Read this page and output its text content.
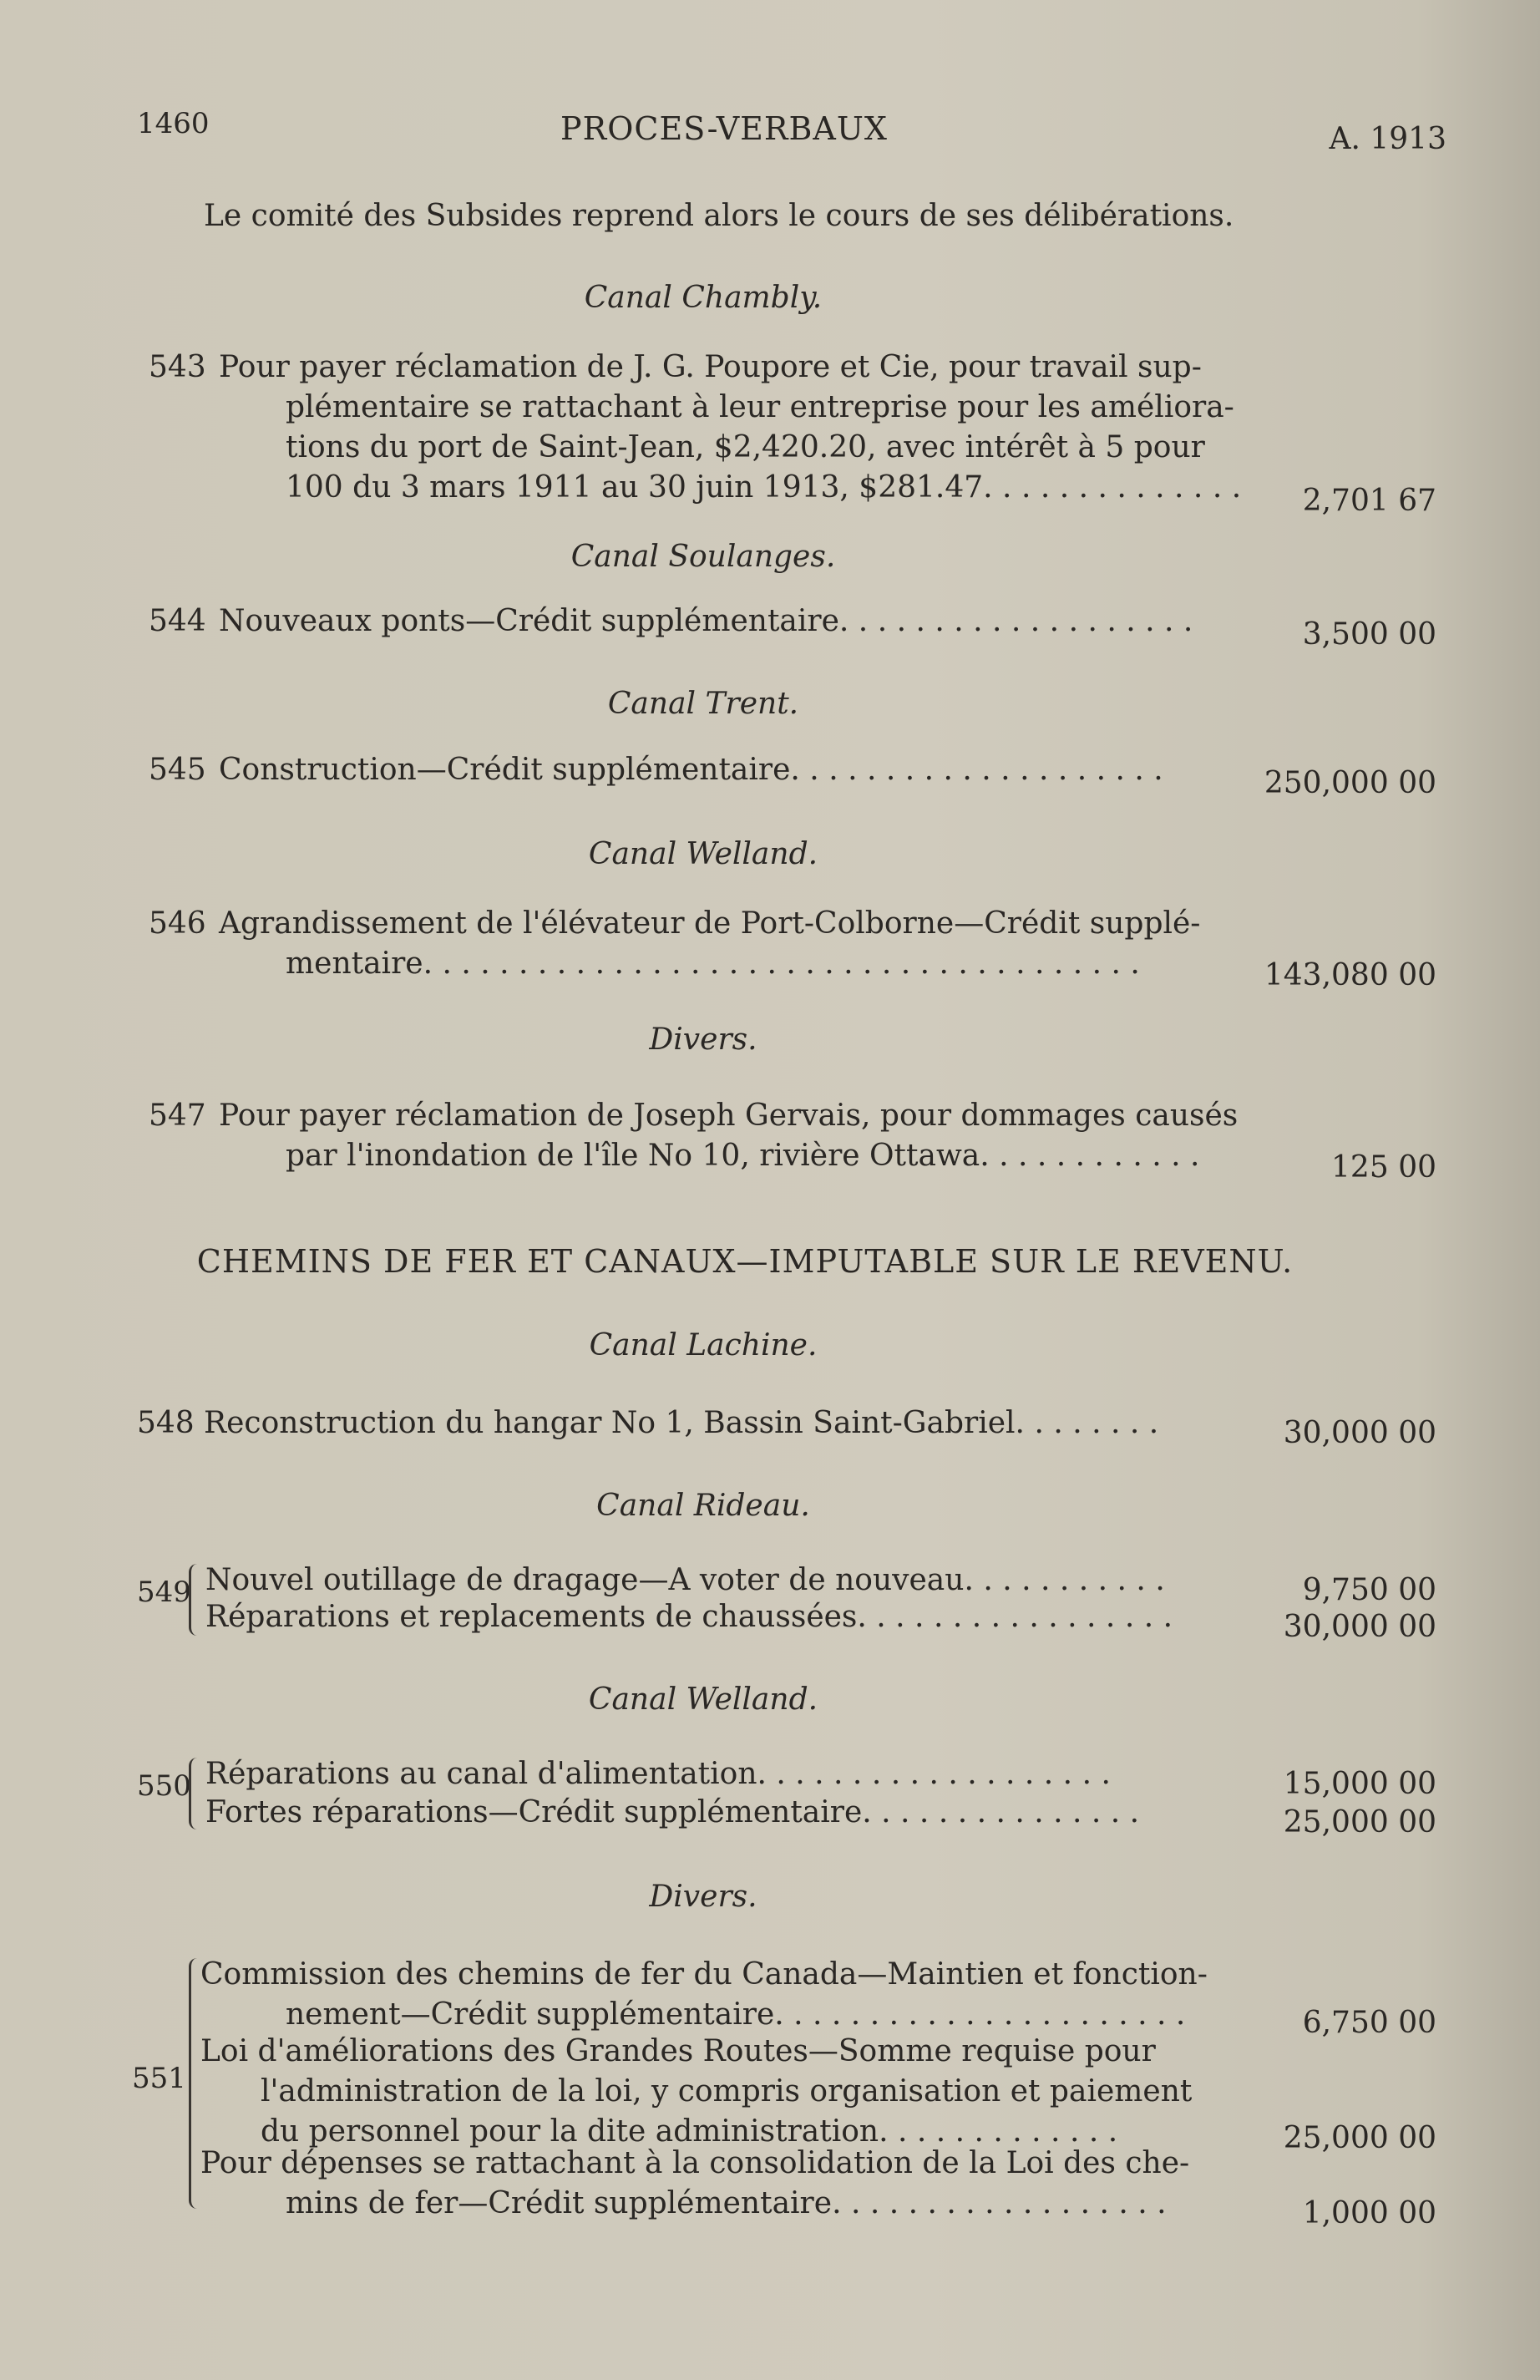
1460	PROCES-VERBAUX	A. 1913
Le comité des Subsides reprend alors le cours de ses délibérations.
Canal Chambly.
543 Pour payer réclamation de J. G. Poupore et Cie, pour travail sup-
plémentaire se rattachant à leur entreprise pour les améliora-
tions du port de Saint-Jean, $2,420.20, avec intérêt à 5 pour
100 du 3 mars 1911 au 30 juin 1913, $281.47. . . . . . . . . . . . . .	2,701 67
Canal Soulanges.
544 Nouveaux ponts—Crédit supplémentaire. . . . . . . . . . . . . . . . . . .	3,500 00
Canal Trent.
545 Construction—Crédit supplémentaire. . . . . . . . . . . . . . . . . . . .	250,000 00
Canal Welland.
546 Agrandissement de l'élévateur de Port-Colborne—Crédit supplé-
mentaire. . . . . . . . . . . . . . . . . . . . . . . . . . . . . . . . . . . . . .	143,080 00
Divers.
547 Pour payer réclamation de Joseph Gervais, pour dommages causés
par l'inondation de l'île No 10, rivière Ottawa. . . . . . . . . . . .	125 00
CHEMINS DE FER ET CANAUX—IMPUTABLE SUR LE REVENU.
Canal Lachine.
548 Reconstruction du hangar No 1, Bassin Saint-Gabriel. . . . . . . .	30,000 00
Canal Rideau.
549 Nouvel outillage de dragage—A voter de nouveau. . . . . . . . . . .	9,750 00
Réparations et replacements de chaussées. . . . . . . . . . . . . . . . .	30,000 00
Canal Welland.
550 Réparations au canal d'alimentation. . . . . . . . . . . . . . . . . . .	15,000 00
Fortes réparations—Crédit supplémentaire. . . . . . . . . . . . . . .	25,000 00
Divers.
551
Commission des chemins de fer du Canada—Maintien et fonction-
nement—Crédit supplémentaire. . . . . . . . . . . . . . . . . . . . . .	6,750 00
Loi d'améliorations des Grandes Routes—Somme requise pour
l'administration de la loi, y compris organisation et paiement
du personnel pour la dite administration. . . . . . . . . . . . .	25,000 00
Pour dépenses se rattachant à la consolidation de la Loi des che-
mins de fer—Crédit supplémentaire. . . . . . . . . . . . . . . . . .	1,000 00
